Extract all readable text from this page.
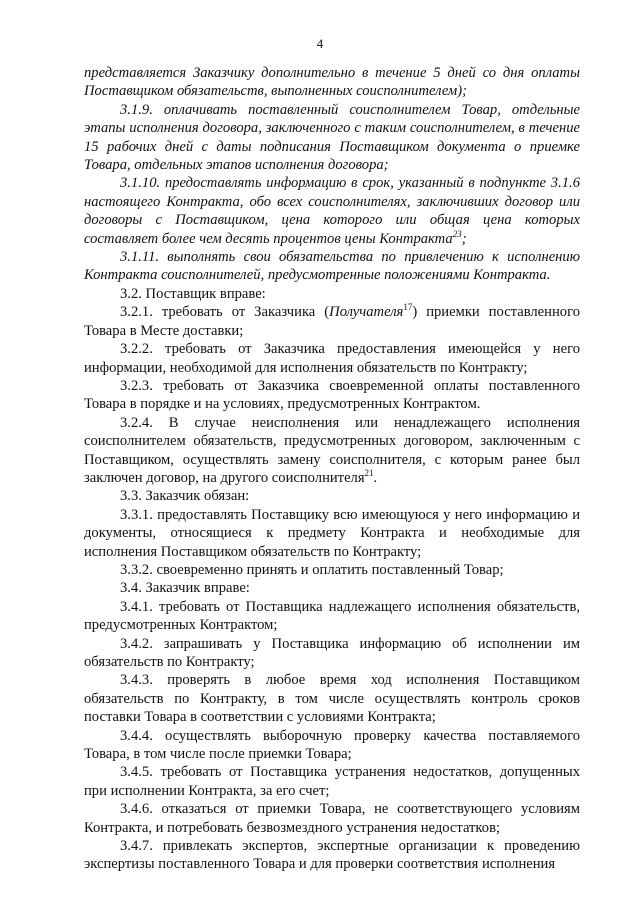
4

представляется Заказчику дополнительно в течение 5 дней со дня оплаты Поставщиком обязательств, выполненных соисполнителем);

3.1.9. оплачивать поставленный соисполнителем Товар, отдельные этапы исполнения договора, заключенного с таким соисполнителем, в течение 15 рабочих дней с даты подписания Поставщиком документа о приемке Товара, отдельных этапов исполнения договора;

3.1.10. предоставлять информацию в срок, указанный в подпункте 3.1.6 настоящего Контракта, обо всех соисполнителях, заключивших договор или договоры с Поставщиком, цена которого или общая цена которых составляет более чем десять процентов цены Контракта$^{23}$;

3.1.11. выполнять свои обязательства по привлечению к исполнению Контракта соисполнителей, предусмотренные положениями Контракта.

3.2. Поставщик вправе:

3.2.1. требовать от Заказчика (Получателя$^{17}$) приемки поставленного Товара в Месте доставки;

3.2.2. требовать от Заказчика предоставления имеющейся у него информации, необходимой для исполнения обязательств по Контракту;

3.2.3. требовать от Заказчика своевременной оплаты поставленного Товара в порядке и на условиях, предусмотренных Контрактом.

3.2.4. В случае неисполнения или ненадлежащего исполнения соисполнителем обязательств, предусмотренных договором, заключенным с Поставщиком, осуществлять замену соисполнителя, с которым ранее был заключен договор, на другого соисполнителя$^{21}$.

3.3. Заказчик обязан:

3.3.1. предоставлять Поставщику всю имеющуюся у него информацию и документы, относящиеся к предмету Контракта и необходимые для исполнения Поставщиком обязательств по Контракту;

3.3.2. своевременно принять и оплатить поставленный Товар;

3.4. Заказчик вправе:

3.4.1. требовать от Поставщика надлежащего исполнения обязательств, предусмотренных Контрактом;

3.4.2. запрашивать у Поставщика информацию об исполнении им обязательств по Контракту;

3.4.3. проверять в любое время ход исполнения Поставщиком обязательств по Контракту, в том числе осуществлять контроль сроков поставки Товара в соответствии с условиями Контракта;

3.4.4. осуществлять выборочную проверку качества поставляемого Товара, в том числе после приемки Товара;

3.4.5. требовать от Поставщика устранения недостатков, допущенных при исполнении Контракта, за его счет;

3.4.6. отказаться от приемки Товара, не соответствующего условиям Контракта, и потребовать безвозмездного устранения недостатков;

3.4.7. привлекать экспертов, экспертные организации к проведению экспертизы поставленного Товара и для проверки соответствия исполнения
